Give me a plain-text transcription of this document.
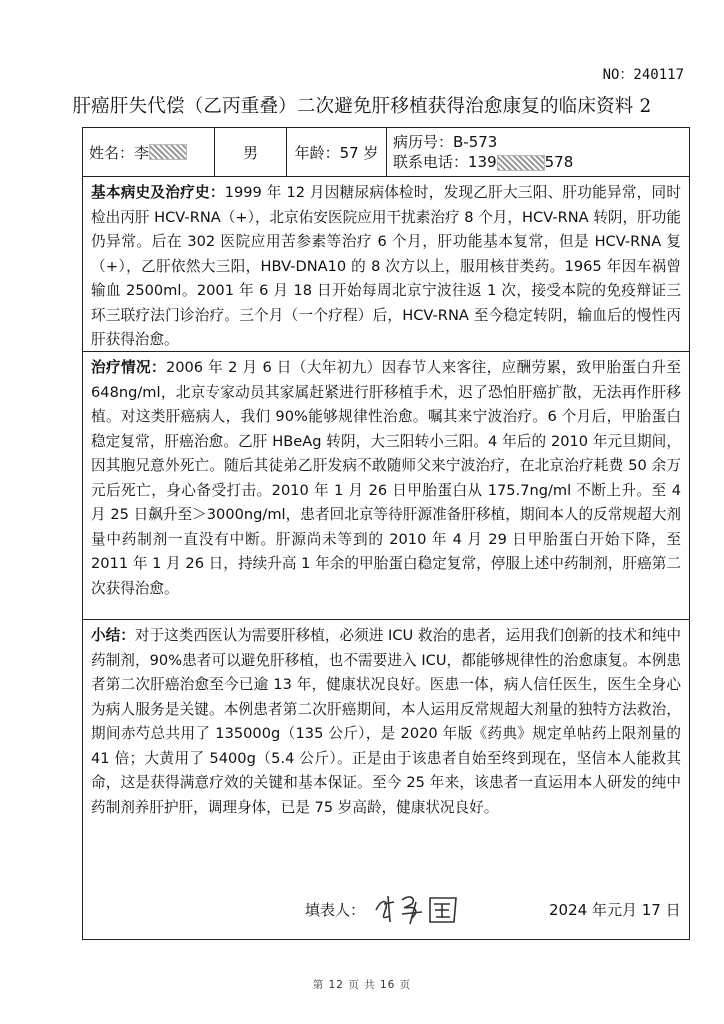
NO：240117
肝癌肝失代偿（乙丙重叠）二次避免肝移植获得治愈康复的临床资料 2
姓名：李	男 年龄：57 岁
病历号：B-573
联系电话：139	578
基本病史及治疗史：1999 年 12 月因糖尿病体检时，发现乙肝大三阳、肝功能异常，同时检出丙肝 HCV-RNA（+），北京佑安医院应用干扰素治疗 8 个月，HCV-RNA 转阴，肝功能仍异常。后在 302 医院应用苦参素等治疗 6 个月，肝功能基本复常，但是 HCV-RNA 复（+），乙肝依然大三阳，HBV-DNA10 的 8 次方以上，服用核苷类药。1965 年因车祸曾输血 2500ml。2001 年 6 月 18 日开始每周北京宁波往返 1 次，接受本院的免疫辩证三环三联疗法门诊治疗。三个月（一个疗程）后，HCV-RNA 至今稳定转阴，输血后的慢性丙肝获得治愈。
治疗情况：2006 年 2 月 6 日（大年初九）因春节人来客往，应酬劳累，致甲胎蛋白升至 648ng/ml，北京专家动员其家属赶紧进行肝移植手术，迟了恐怕肝癌扩散，无法再作肝移植。对这类肝癌病人，我们 90%能够规律性治愈。嘱其来宁波治疗。6 个月后，甲胎蛋白稳定复常，肝癌治愈。乙肝 HBeAg 转阴，大三阳转小三阳。4 年后的 2010 年元旦期间，因其胞兄意外死亡。随后其徒弟乙肝发病不敢随师父来宁波治疗，在北京治疗耗费 50 余万元后死亡，身心备受打击。2010 年 1 月 26 日甲胎蛋白从 175.7ng/ml 不断上升。至 4 月 25 日飙升至＞3000ng/ml，患者回北京等待肝源准备肝移植，期间本人的反常规超大剂量中药制剂一直没有中断。肝源尚未等到的 2010 年 4 月 29 日甲胎蛋白开始下降，至 2011 年 1 月 26 日，持续升高 1 年余的甲胎蛋白稳定复常，停服上述中药制剂，肝癌第二次获得治愈。
小结：对于这类西医认为需要肝移植，必须进 ICU 救治的患者，运用我们创新的技术和纯中药制剂，90%患者可以避免肝移植，也不需要进入 ICU，都能够规律性的治愈康复。本例患者第二次肝癌治愈至今已逾 13 年，健康状况良好。医患一体，病人信任医生，医生全身心为病人服务是关键。本例患者第二次肝癌期间，本人运用反常规超大剂量的独特方法救治，期间赤芍总共用了 135000g（135 公斤），是 2020 年版《药典》规定单帖药上限剂量的 41 倍；大黄用了 5400g（5.4 公斤）。正是由于该患者自始至终到现在，坚信本人能救其命，这是获得满意疗效的关键和基本保证。至今 25 年来，该患者一直运用本人研发的纯中药制剂养肝护肝，调理身体，已是 75 岁高龄，健康状况良好。
填表人：	2024 年元月 17 日
第 12 页 共 16 页
